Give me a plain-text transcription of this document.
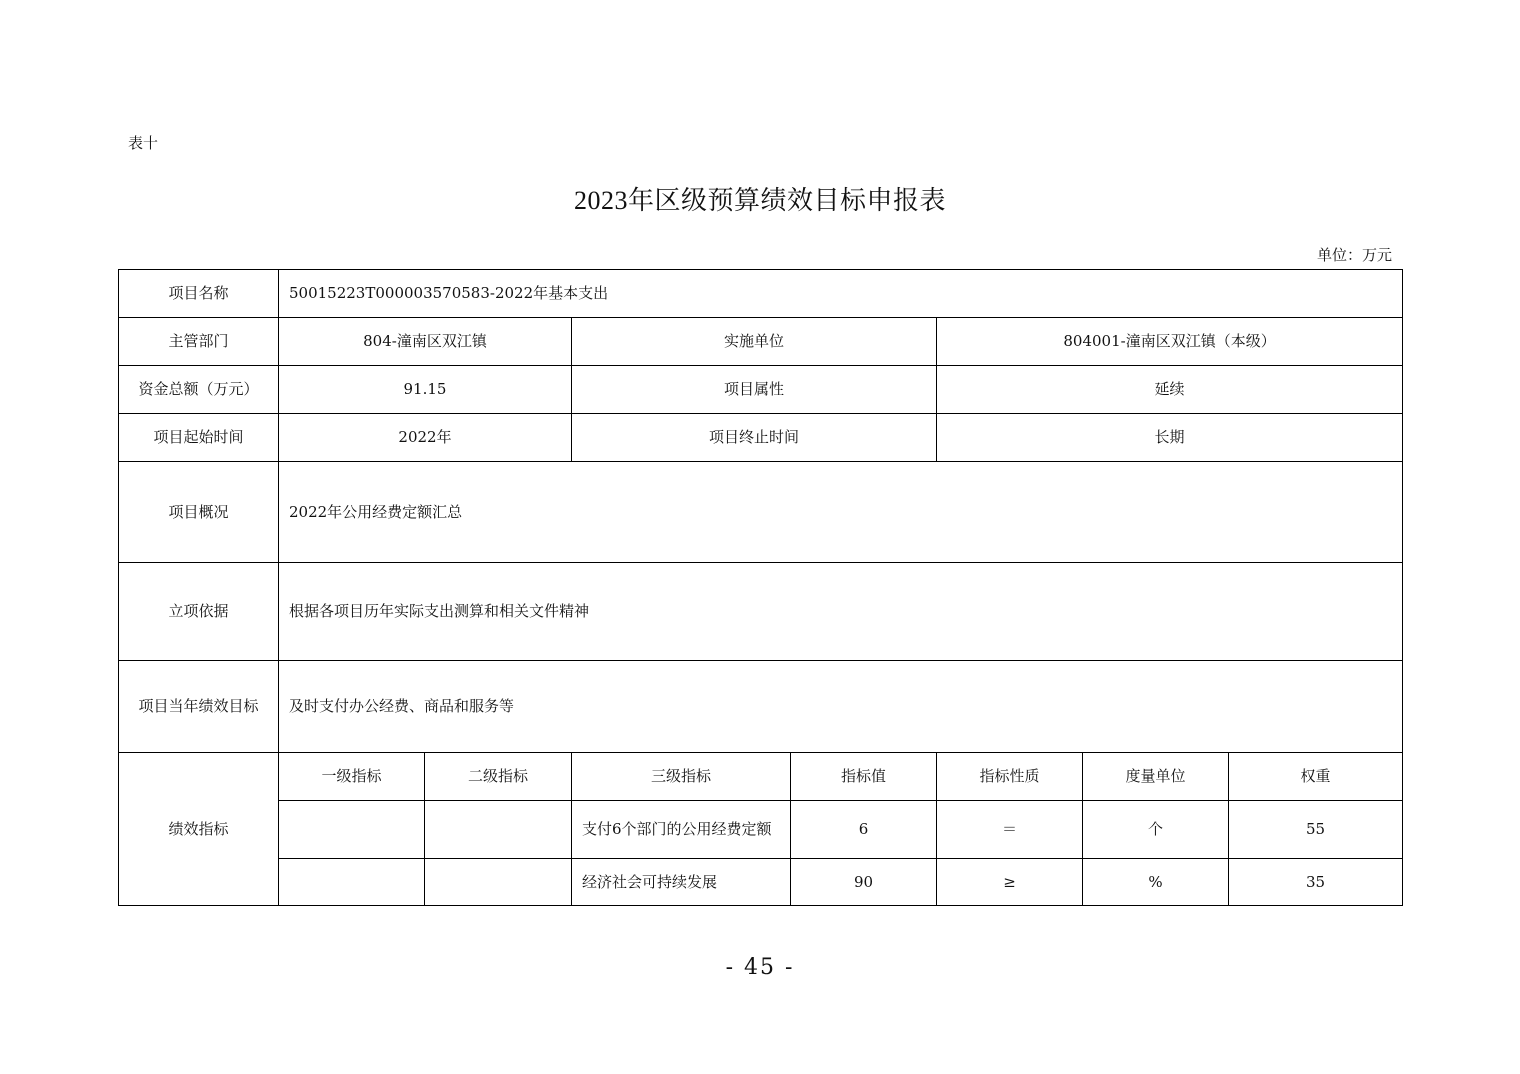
表十
2023年区级预算绩效目标申报表
单位：万元
项目名称	50015223T000003570583-2022年基本支出						
主管部门	804-潼南区双江镇		实施单位		804001-潼南区双江镇（本级）		
资金总额（万元）	91.15		项目属性		延续		
项目起始时间	2022年		项目终止时间		长期		
项目概况	2022年公用经费定额汇总						
立项依据	根据各项目历年实际支出测算和相关文件精神						
项目当年绩效目标	及时支付办公经费、商品和服务等						
绩效指标	一级指标	二级指标	三级指标	指标值	指标性质	度量单位	权重
			支付6个部门的公用经费定额	6	＝	个	55
			经济社会可持续发展	90	≥	%	35
- 45 -
